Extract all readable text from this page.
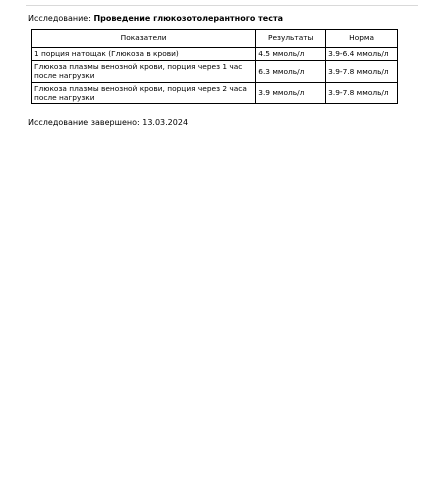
Исследование: Проведение глюкозотолерантного теста
Показатели	Результаты	Норма
1 порция натощак (Глюкоза в крови)	4.5 ммоль/л	3.9-6.4 ммоль/л
Глюкоза плазмы венозной крови, порция через 1 час после нагрузки	6.3 ммоль/л	3.9-7.8 ммоль/л
Глюкоза плазмы венозной крови, порция через 2 часа после нагрузки	3.9 ммоль/л	3.9-7.8 ммоль/л
Исследование завершено: 13.03.2024
